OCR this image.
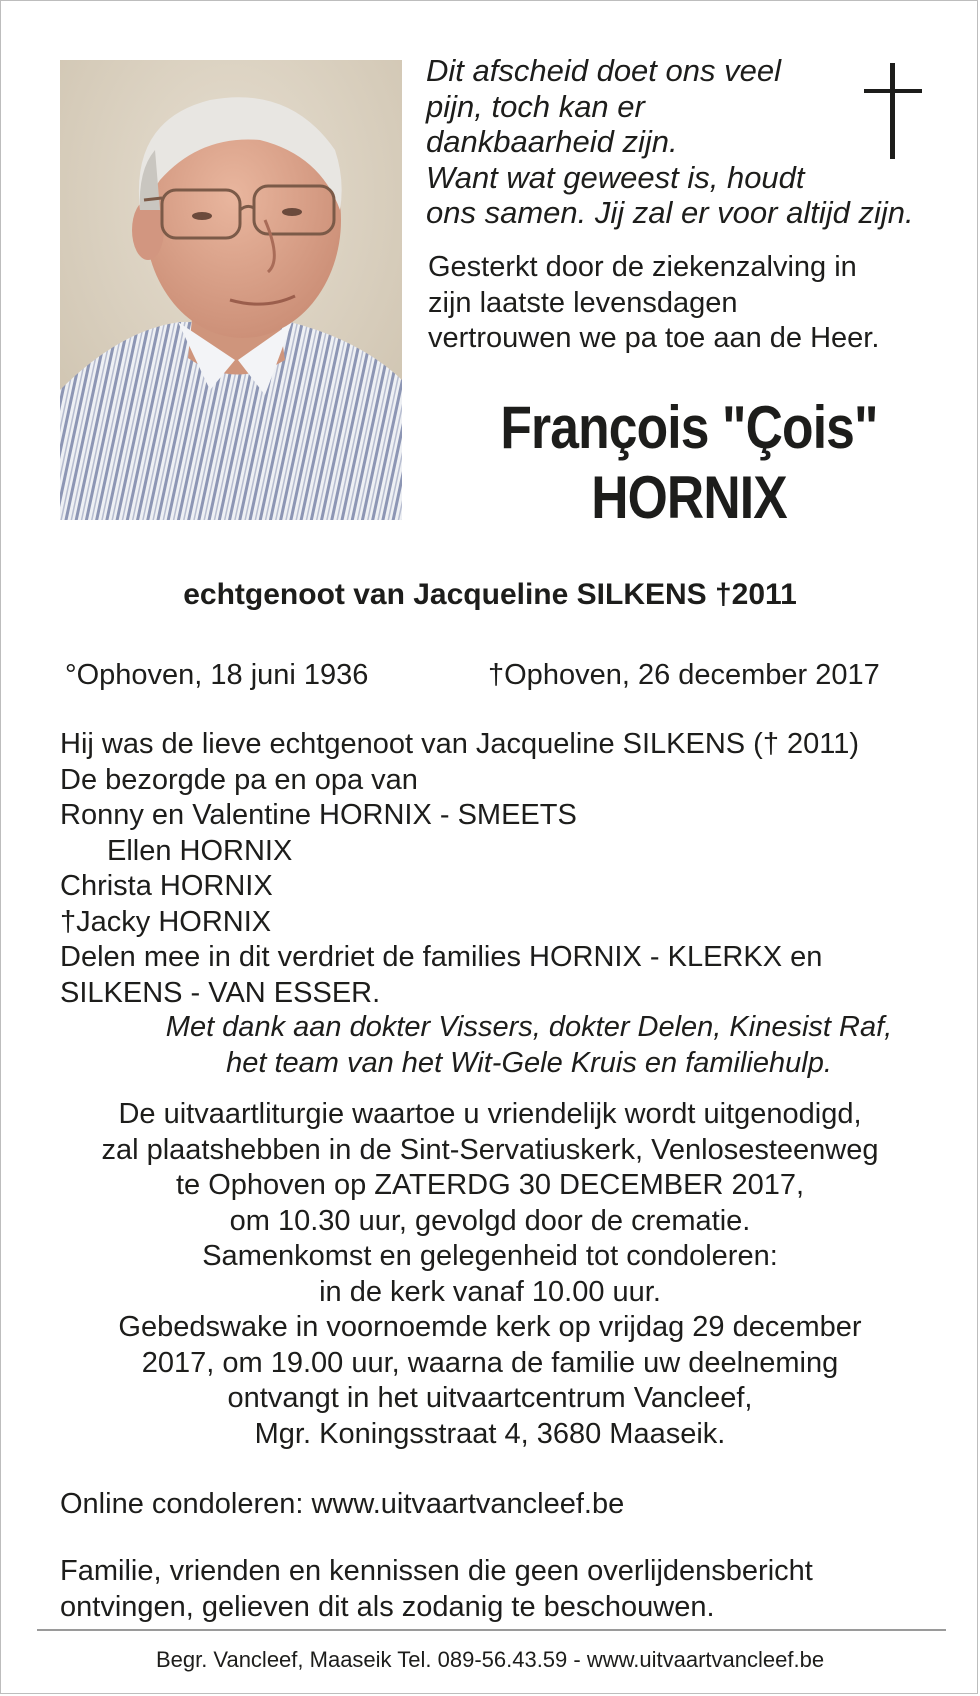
Dit afscheid doet ons veel
pijn, toch kan er
dankbaarheid zijn.
Want wat geweest is, houdt
ons samen. Jij zal er voor altijd zijn.
Gesterkt door de ziekenzalving in
zijn laatste levensdagen
vertrouwen we pa toe aan de Heer.
François "Çois"
HORNIX
echtgenoot van Jacqueline SILKENS †2011
°Ophoven, 18 juni 1936	†Ophoven, 26 december 2017
Hij was de lieve echtgenoot van Jacqueline SILKENS († 2011)
De bezorgde pa en opa van
Ronny en Valentine HORNIX - SMEETS
Ellen HORNIX
Christa HORNIX
†Jacky HORNIX
Delen mee in dit verdriet de families HORNIX - KLERKX en
SILKENS - VAN ESSER.
Met dank aan dokter Vissers, dokter Delen, Kinesist Raf,
het team van het Wit-Gele Kruis en familiehulp.
De uitvaartliturgie waartoe u vriendelijk wordt uitgenodigd,
zal plaatshebben in de Sint-Servatiuskerk, Venlosesteenweg
te Ophoven op ZATERDG 30 DECEMBER 2017,
om 10.30 uur, gevolgd door de crematie.
Samenkomst en gelegenheid tot condoleren:
in de kerk vanaf 10.00 uur.
Gebedswake in voornoemde kerk op vrijdag 29 december
2017, om 19.00 uur, waarna de familie uw deelneming
ontvangt in het uitvaartcentrum Vancleef,
Mgr. Koningsstraat 4, 3680 Maaseik.
Online condoleren: www.uitvaartvancleef.be
Familie, vrienden en kennissen die geen overlijdensbericht
ontvingen, gelieven dit als zodanig te beschouwen.
Begr. Vancleef, Maaseik Tel. 089-56.43.59 - www.uitvaartvancleef.be
